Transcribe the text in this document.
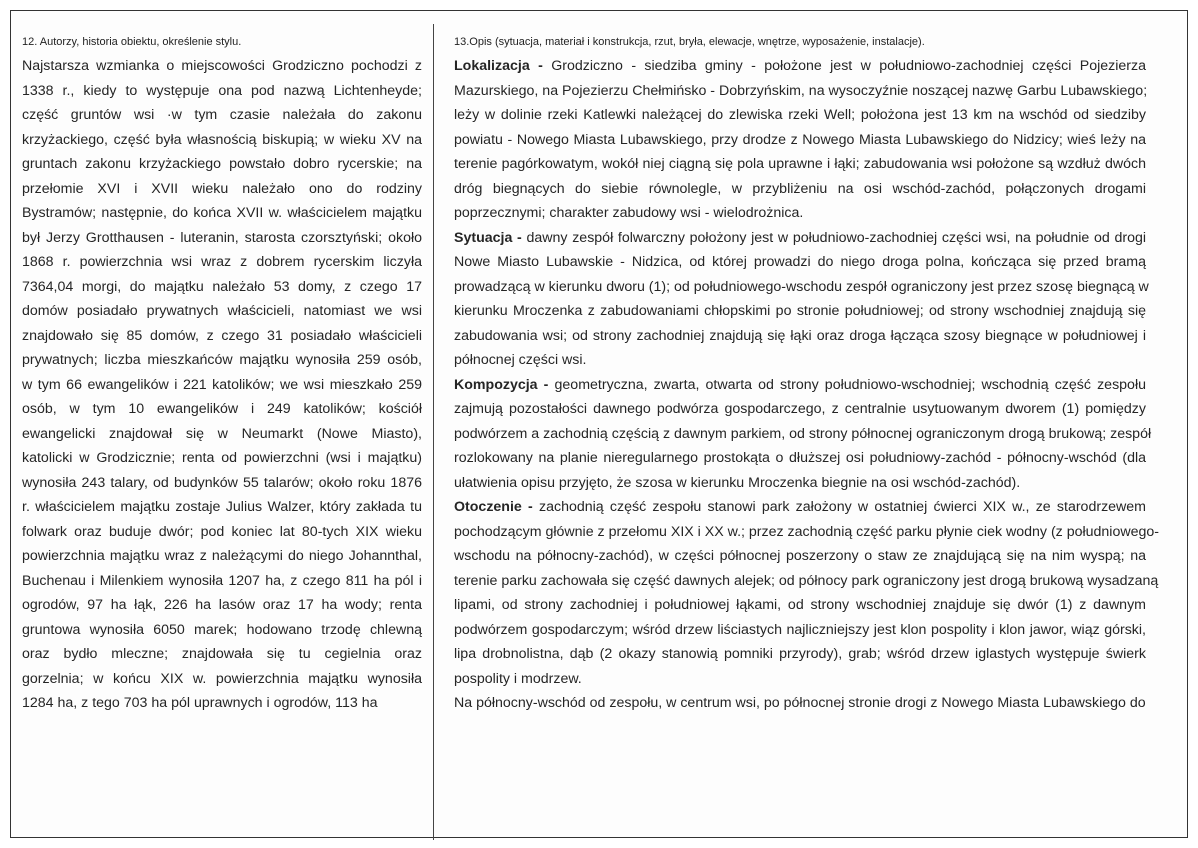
12. Autorzy, historia obiektu, określenie stylu.
Najstarsza wzmianka o miejscowości Grodziczno pochodzi z
1338 r., kiedy to występuje ona pod nazwą Lichtenheyde;
część gruntów wsi ·w tym czasie należała do zakonu
krzyżackiego, część była własnością biskupią; w wieku XV na
gruntach zakonu krzyżackiego powstało dobro rycerskie; na
przełomie XVI i XVII wieku należało ono do rodziny
Bystramów; następnie, do końca XVII w. właścicielem majątku
był Jerzy Grotthausen - luteranin, starosta czorsztyński; około
1868 r. powierzchnia wsi wraz z dobrem rycerskim liczyła
7364,04 morgi, do majątku należało 53 domy, z czego 17
domów posiadało prywatnych właścicieli, natomiast we wsi
znajdowało się 85 domów, z czego 31 posiadało właścicieli
prywatnych; liczba mieszkańców majątku wynosiła 259 osób,
w tym 66 ewangelików i 221 katolików; we wsi mieszkało 259
osób, w tym 10 ewangelików i 249 katolików; kościół
ewangelicki znajdował się w Neumarkt (Nowe Miasto),
katolicki w Grodzicznie; renta od powierzchni (wsi i majątku)
wynosiła 243 talary, od budynków 55 talarów; około roku 1876
r. właścicielem majątku zostaje Julius Walzer, który zakłada tu
folwark oraz buduje dwór; pod koniec lat 80-tych XIX wieku
powierzchnia majątku wraz z należącymi do niego Johannthal,
Buchenau i Milenkiem wynosiła 1207 ha, z czego 811 ha pól i
ogrodów, 97 ha łąk, 226 ha lasów oraz 17 ha wody; renta
gruntowa wynosiła 6050 marek; hodowano trzodę chlewną
oraz bydło mleczne; znajdowała się tu cegielnia oraz
gorzelnia; w końcu XIX w. powierzchnia majątku wynosiła
1284 ha, z tego 703 ha pól uprawnych i ogrodów, 113 ha
13.Opis (sytuacja, materiał i konstrukcja, rzut, bryła, elewacje, wnętrze, wyposażenie, instalacje).
Lokalizacja - Grodziczno - siedziba gminy - położone jest w południowo-zachodniej części Pojezierza
Mazurskiego, na Pojezierzu Chełmińsko - Dobrzyńskim, na wysoczyźnie noszącej nazwę Garbu Lubawskiego;
leży w dolinie rzeki Katlewki należącej do zlewiska rzeki Well; położona jest 13 km na wschód od siedziby
powiatu - Nowego Miasta Lubawskiego, przy drodze z Nowego Miasta Lubawskiego do Nidzicy; wieś leży na
terenie pagórkowatym, wokół niej ciągną się pola uprawne i łąki; zabudowania wsi położone są wzdłuż dwóch
dróg biegnących do siebie równolegle, w przybliżeniu na osi wschód-zachód, połączonych drogami
poprzecznymi; charakter zabudowy wsi - wielodrożnica.
Sytuacja - dawny zespół folwarczny położony jest w południowo-zachodniej części wsi, na południe od drogi
Nowe Miasto Lubawskie - Nidzica, od której prowadzi do niego droga polna, kończąca się przed bramą
prowadzącą w kierunku dworu (1); od południowego-wschodu zespół ograniczony jest przez szosę biegnącą w
kierunku Mroczenka z zabudowaniami chłopskimi po stronie południowej; od strony wschodniej znajdują się
zabudowania wsi; od strony zachodniej znajdują się łąki oraz droga łącząca szosy biegnące w południowej i
północnej części wsi.
Kompozycja - geometryczna, zwarta, otwarta od strony południowo-wschodniej; wschodnią część zespołu
zajmują pozostałości dawnego podwórza gospodarczego, z centralnie usytuowanym dworem (1) pomiędzy
podwórzem a zachodnią częścią z dawnym parkiem, od strony północnej ograniczonym drogą brukową; zespół
rozlokowany na planie nieregularnego prostokąta o dłuższej osi południowy-zachód - północny-wschód (dla
ułatwienia opisu przyjęto, że szosa w kierunku Mroczenka biegnie na osi wschód-zachód).
Otoczenie - zachodnią część zespołu stanowi park założony w ostatniej ćwierci XIX w., ze starodrzewem
pochodzącym głównie z przełomu XIX i XX w.; przez zachodnią część parku płynie ciek wodny (z południowego-
wschodu na północny-zachód), w części północnej poszerzony o staw ze znajdującą się na nim wyspą; na
terenie parku zachowała się część dawnych alejek; od północy park ograniczony jest drogą brukową wysadzaną
lipami, od strony zachodniej i południowej łąkami, od strony wschodniej znajduje się dwór (1) z dawnym
podwórzem gospodarczym; wśród drzew liściastych najliczniejszy jest klon pospolity i klon jawor, wiąz górski,
lipa drobnolistna, dąb (2 okazy stanowią pomniki przyrody), grab; wśród drzew iglastych występuje świerk
pospolity i modrzew.
Na północny-wschód od zespołu, w centrum wsi, po północnej stronie drogi z Nowego Miasta Lubawskiego do
